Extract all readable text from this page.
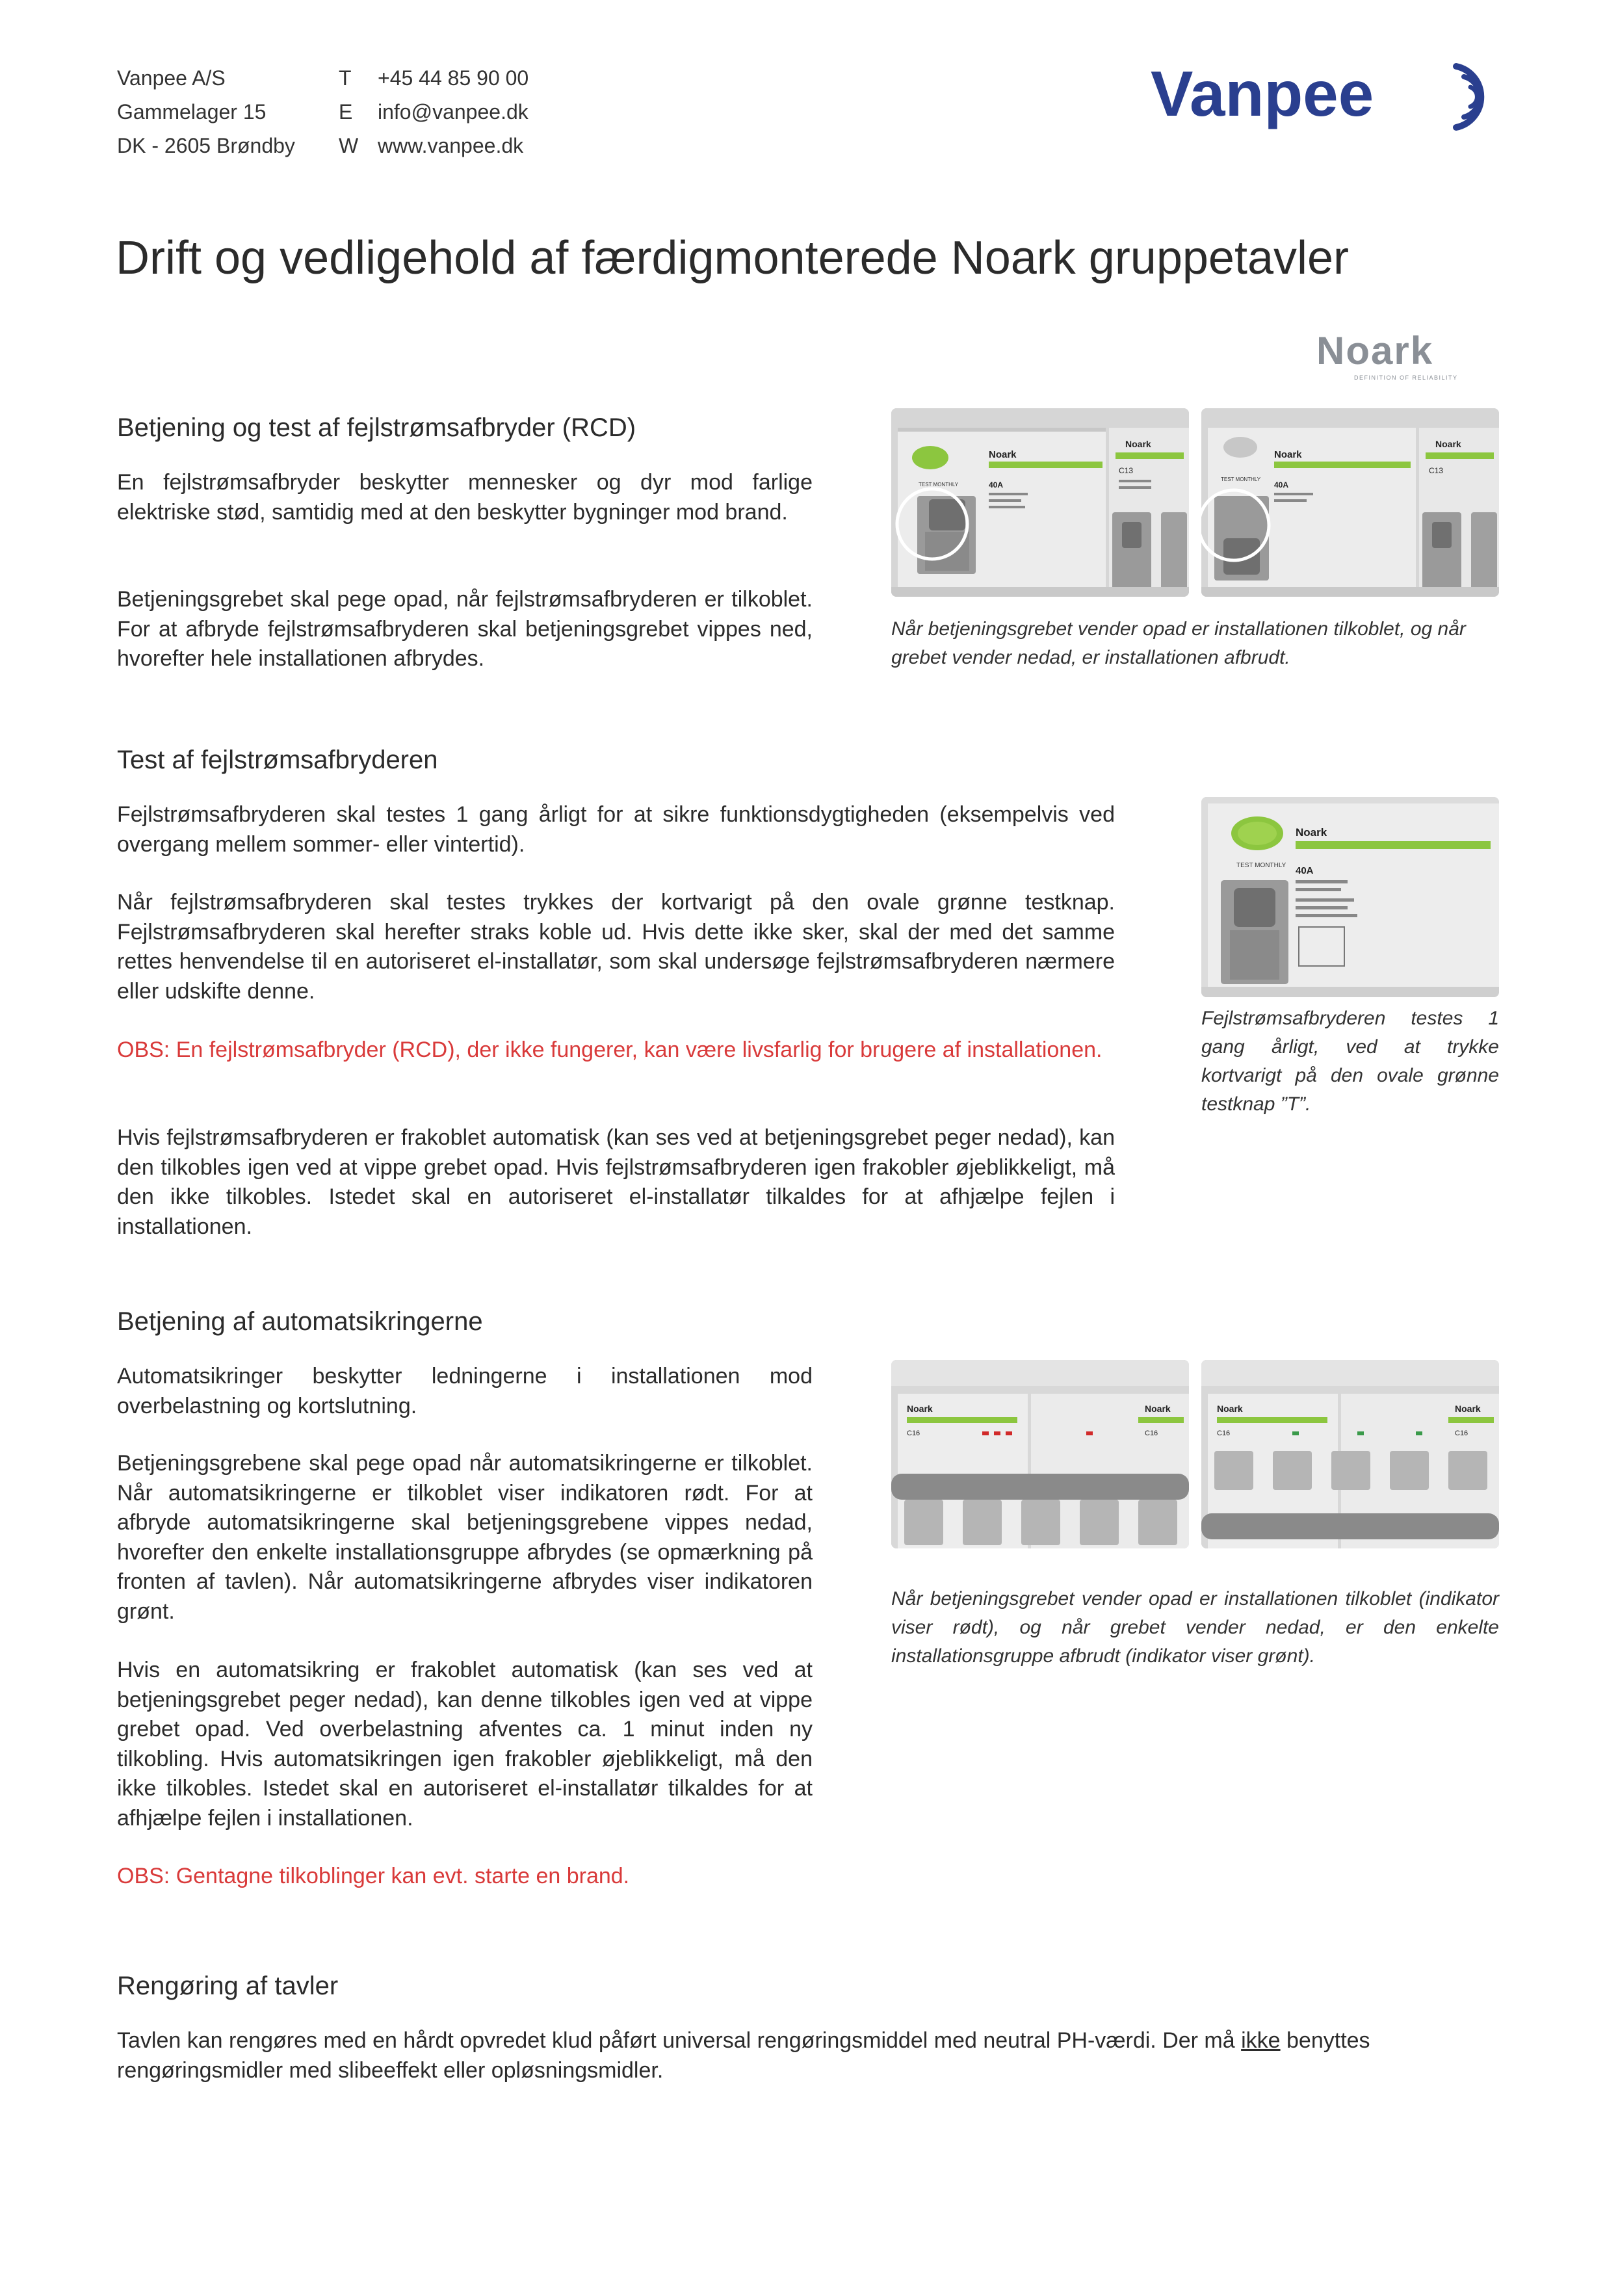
Vanpee A/S
Gammelager 15
DK - 2605 Brøndby
T
E
W
+45 44 85 90 00
info@vanpee.dk
www.vanpee.dk
Vanpee
Drift og vedligehold af færdigmonterede Noark gruppetavler
Noark
DEFINITION OF RELIABILITY
Betjening og test af fejlstrømsafbryder (RCD)

En fejlstrømsafbryder beskytter mennesker og dyr mod farlige elektriske stød, samtidig med at den beskytter bygninger mod brand.

Betjeningsgrebet skal pege opad, når fejlstrømsafbryderen er tilkoblet. For at afbryde fejlstrømsafbryderen skal betjeningsgrebet vippes ned, hvorefter hele installationen afbrydes.

Noark
TEST MONTHLY	40A
Noark
C13
Noark
TEST MONTHLY
40A
Noark
C13

Når betjeningsgrebet vender opad er installationen tilkoblet, og når grebet vender nedad, er installationen afbrudt.

Test af fejlstrømsafbryderen

Fejlstrømsafbryderen skal testes 1 gang årligt for at sikre funktionsdygtigheden (eksempelvis ved overgang mellem sommer- eller vintertid).

Når fejlstrømsafbryderen skal testes trykkes der kortvarigt på den ovale grønne testknap. Fejlstrømsafbryderen skal herefter straks koble ud. Hvis dette ikke sker, skal der med det samme rettes henvendelse til en autoriseret el-installatør, som skal undersøge fejlstrømsafbryderen nærmere eller udskifte denne.

OBS: En fejlstrømsafbryder (RCD), der ikke fungerer, kan være livsfarlig for brugere af installationen.

Hvis fejlstrømsafbryderen er frakoblet automatisk (kan ses ved at betjeningsgrebet peger nedad), kan den tilkobles igen ved at vippe grebet opad. Hvis fejlstrømsafbryderen igen frakobler øjeblikkeligt, må den ikke tilkobles. Istedet skal en autoriseret el-installatør tilkaldes for at afhjælpe fejlen i installationen.

Noark
TEST MONTHLY 40A

Fejlstrømsafbryderen testes 1 gang årligt, ved at trykke kortvarigt på den ovale grønne testknap ”T”.

Betjening af automatsikringerne

Automatsikringer beskytter ledningerne i installationen mod overbelastning og kortslutning.

Betjeningsgrebene skal pege opad når automatsikringerne er tilkoblet. Når automatsikringerne er tilkoblet viser indikatoren rødt. For at afbryde automatsikringerne skal betjeningsgrebene vippes nedad, hvorefter den enkelte installationsgruppe afbrydes (se opmærkning på fronten af tavlen). Når automatsikringerne afbrydes viser indikatoren grønt.

Hvis en automatsikring er frakoblet automatisk (kan ses ved at betjeningsgrebet peger nedad), kan denne tilkobles igen ved at vippe grebet opad. Ved overbelastning afventes ca. 1 minut inden ny tilkobling. Hvis automatsikringen igen frakobler øjeblikkeligt, må den ikke tilkobles. Istedet skal en autoriseret el-installatør tilkaldes for at afhjælpe fejlen i installationen.

OBS: Gentagne tilkoblinger kan evt. starte en brand.

Noark
C16
Noark
C16
Noark
C16
Noark
C16

Når betjeningsgrebet vender opad er installationen tilkoblet (indikator viser rødt), og når grebet vender nedad, er den enkelte installationsgruppe afbrudt (indikator viser grønt).

Rengøring af tavler

Tavlen kan rengøres med en hårdt opvredet klud påført universal rengøringsmiddel med neutral PH-værdi. Der må ikke benyttes rengøringsmidler med slibeeffekt eller opløsningsmidler.
